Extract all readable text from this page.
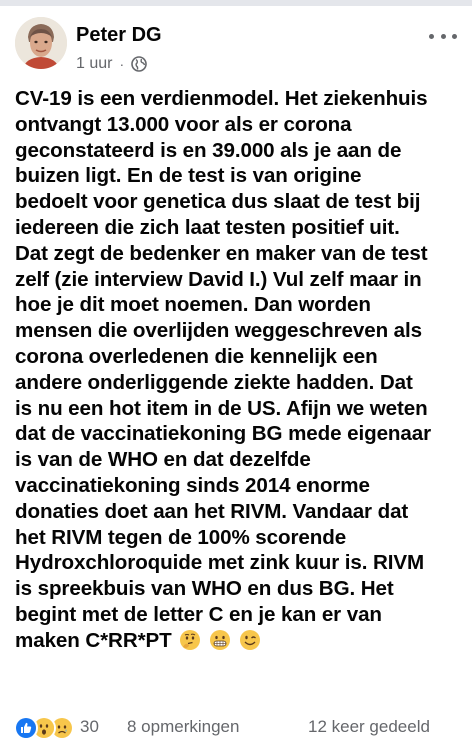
Peter DG
1 uur ·
CV-19 is een verdienmodel. Het ziekenhuis
ontvangt 13.000 voor als er corona
geconstateerd is en 39.000 als je aan de
buizen ligt. En de test is van origine
bedoelt voor genetica dus slaat de test bij
iedereen die zich laat testen positief uit.
Dat zegt de bedenker en maker van de test
zelf (zie interview David I.) Vul zelf maar in
hoe je dit moet noemen. Dan worden
mensen die overlijden weggeschreven als
corona overledenen die kennelijk een
andere onderliggende ziekte hadden. Dat
is nu een hot item in de US. Afijn we weten
dat de vaccinatiekoning BG mede eigenaar
is van de WHO en dat dezelfde
vaccinatiekoning sinds 2014 enorme
donaties doet aan het RIVM. Vandaar dat
het RIVM tegen de 100% scorende
Hydroxchloroquide met zink kuur is. RIVM
is spreekbuis van WHO en dus BG. Het
begint met de letter C en je kan er van
maken C*RR*PT
30 8 opmerkingen	12 keer gedeeld
